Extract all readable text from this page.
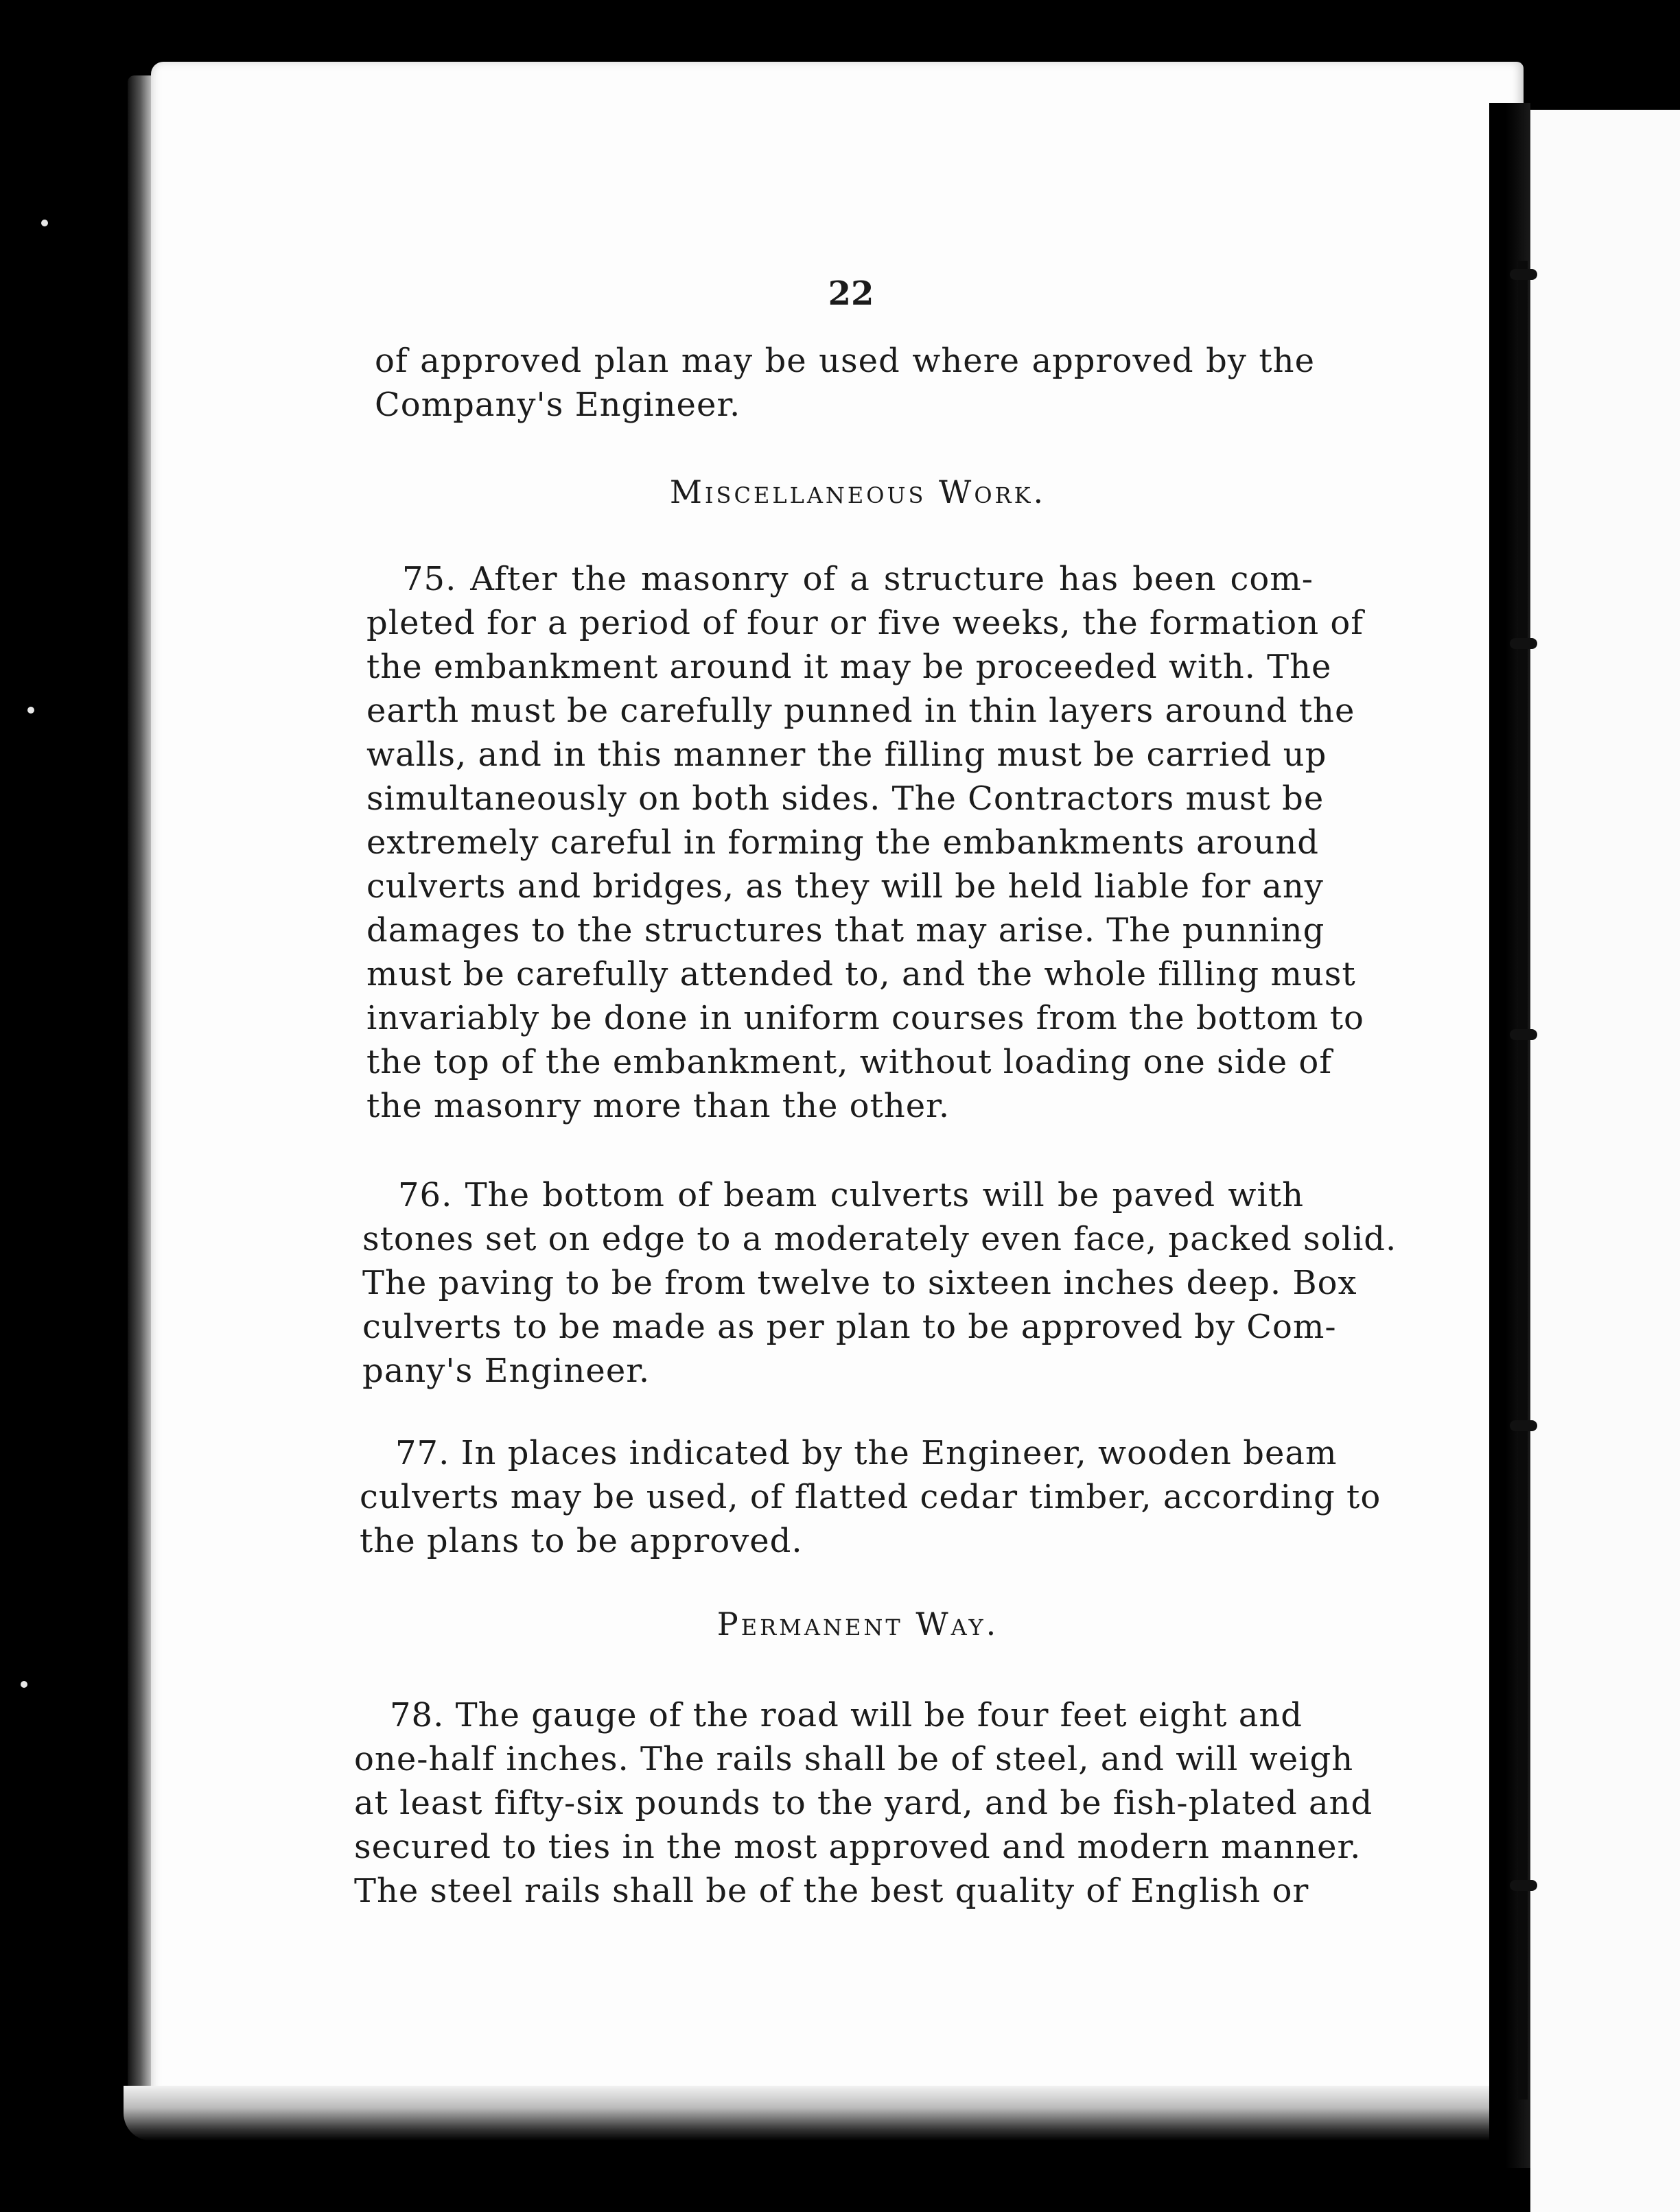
22
of approved plan may be used where approved by the
Company's Engineer.
Miscellaneous Work.
75. After the masonry of a structure has been com-
pleted for a period of four or five weeks, the formation of
the embankment around it may be proceeded with. The
earth must be carefully punned in thin layers around the
walls, and in this manner the filling must be carried up
simultaneously on both sides. The Contractors must be
extremely careful in forming the embankments around
culverts and bridges, as they will be held liable for any
damages to the structures that may arise. The punning
must be carefully attended to, and the whole filling must
invariably be done in uniform courses from the bottom to
the top of the embankment, without loading one side of
the masonry more than the other.
76. The bottom of beam culverts will be paved with
stones set on edge to a moderately even face, packed solid.
The paving to be from twelve to sixteen inches deep. Box
culverts to be made as per plan to be approved by Com-
pany's Engineer.
77. In places indicated by the Engineer, wooden beam
culverts may be used, of flatted cedar timber, according to
the plans to be approved.
Permanent Way.
78. The gauge of the road will be four feet eight and
one-half inches. The rails shall be of steel, and will weigh
at least fifty-six pounds to the yard, and be fish-plated and
secured to ties in the most approved and modern manner.
The steel rails shall be of the best quality of English or
